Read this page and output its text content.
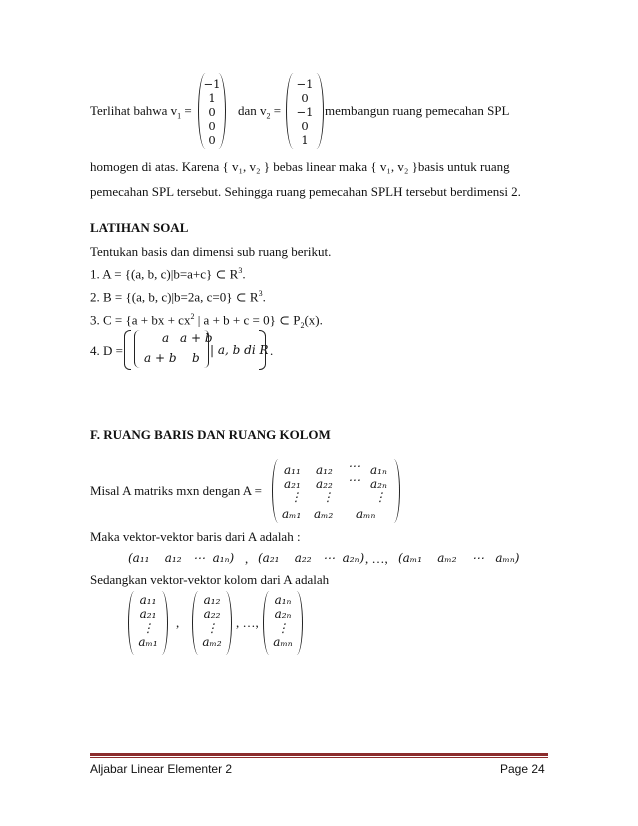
Terlihat bahwa $v_1$ =
−1
1
0
0
0
dan $v_2$ =
−1
0
−1
0
1
membangun ruang pemecahan SPL
homogen di atas. Karena { v₁, v₂ } bebas linear maka { v₁, v₂ }basis untuk ruang
pemecahan SPL tersebut. Sehingga ruang pemecahan SPLH tersebut berdimensi 2.
LATIHAN SOAL
Tentukan basis dan dimensi sub ruang berikut.
1. A = {(a, b, c)|b=a+c} ⊂ $R^3$.
2. B = {(a, b, c)|b=2a, c=0} ⊂ $R^3$.
3. C = {a + bx + $cx^2$ | a + b + c = 0} ⊂ $P_2(x)$.
4. D =
a a + b
a + b b
| a, b di R .
F. RUANG BARIS DAN RUANG KOLOM
Misal A matriks mxn dengan A =
a₁₁ a₁₂ ⋯ a₁ₙ
a₂₁ a₂₂ ⋯ a₂ₙ
⋮ ⋮	⋮
aₘ₁ aₘ₂ aₘₙ
Maka vektor-vektor baris dari A adalah :
(a₁₁ a₁₂ ⋯ a₁ₙ) , (a₂₁ a₂₂ ⋯ a₂ₙ) , …, (aₘ₁ aₘ₂ ⋯ aₘₙ)
Sedangkan vektor-vektor kolom dari A adalah
a₁₁
a₂₁
⋮
aₘ₁
,
a₁₂
a₂₂
⋮
aₘ₂
, …,
a₁ₙ
a₂ₙ
⋮
aₘₙ
Aljabar Linear Elementer 2	Page 24
